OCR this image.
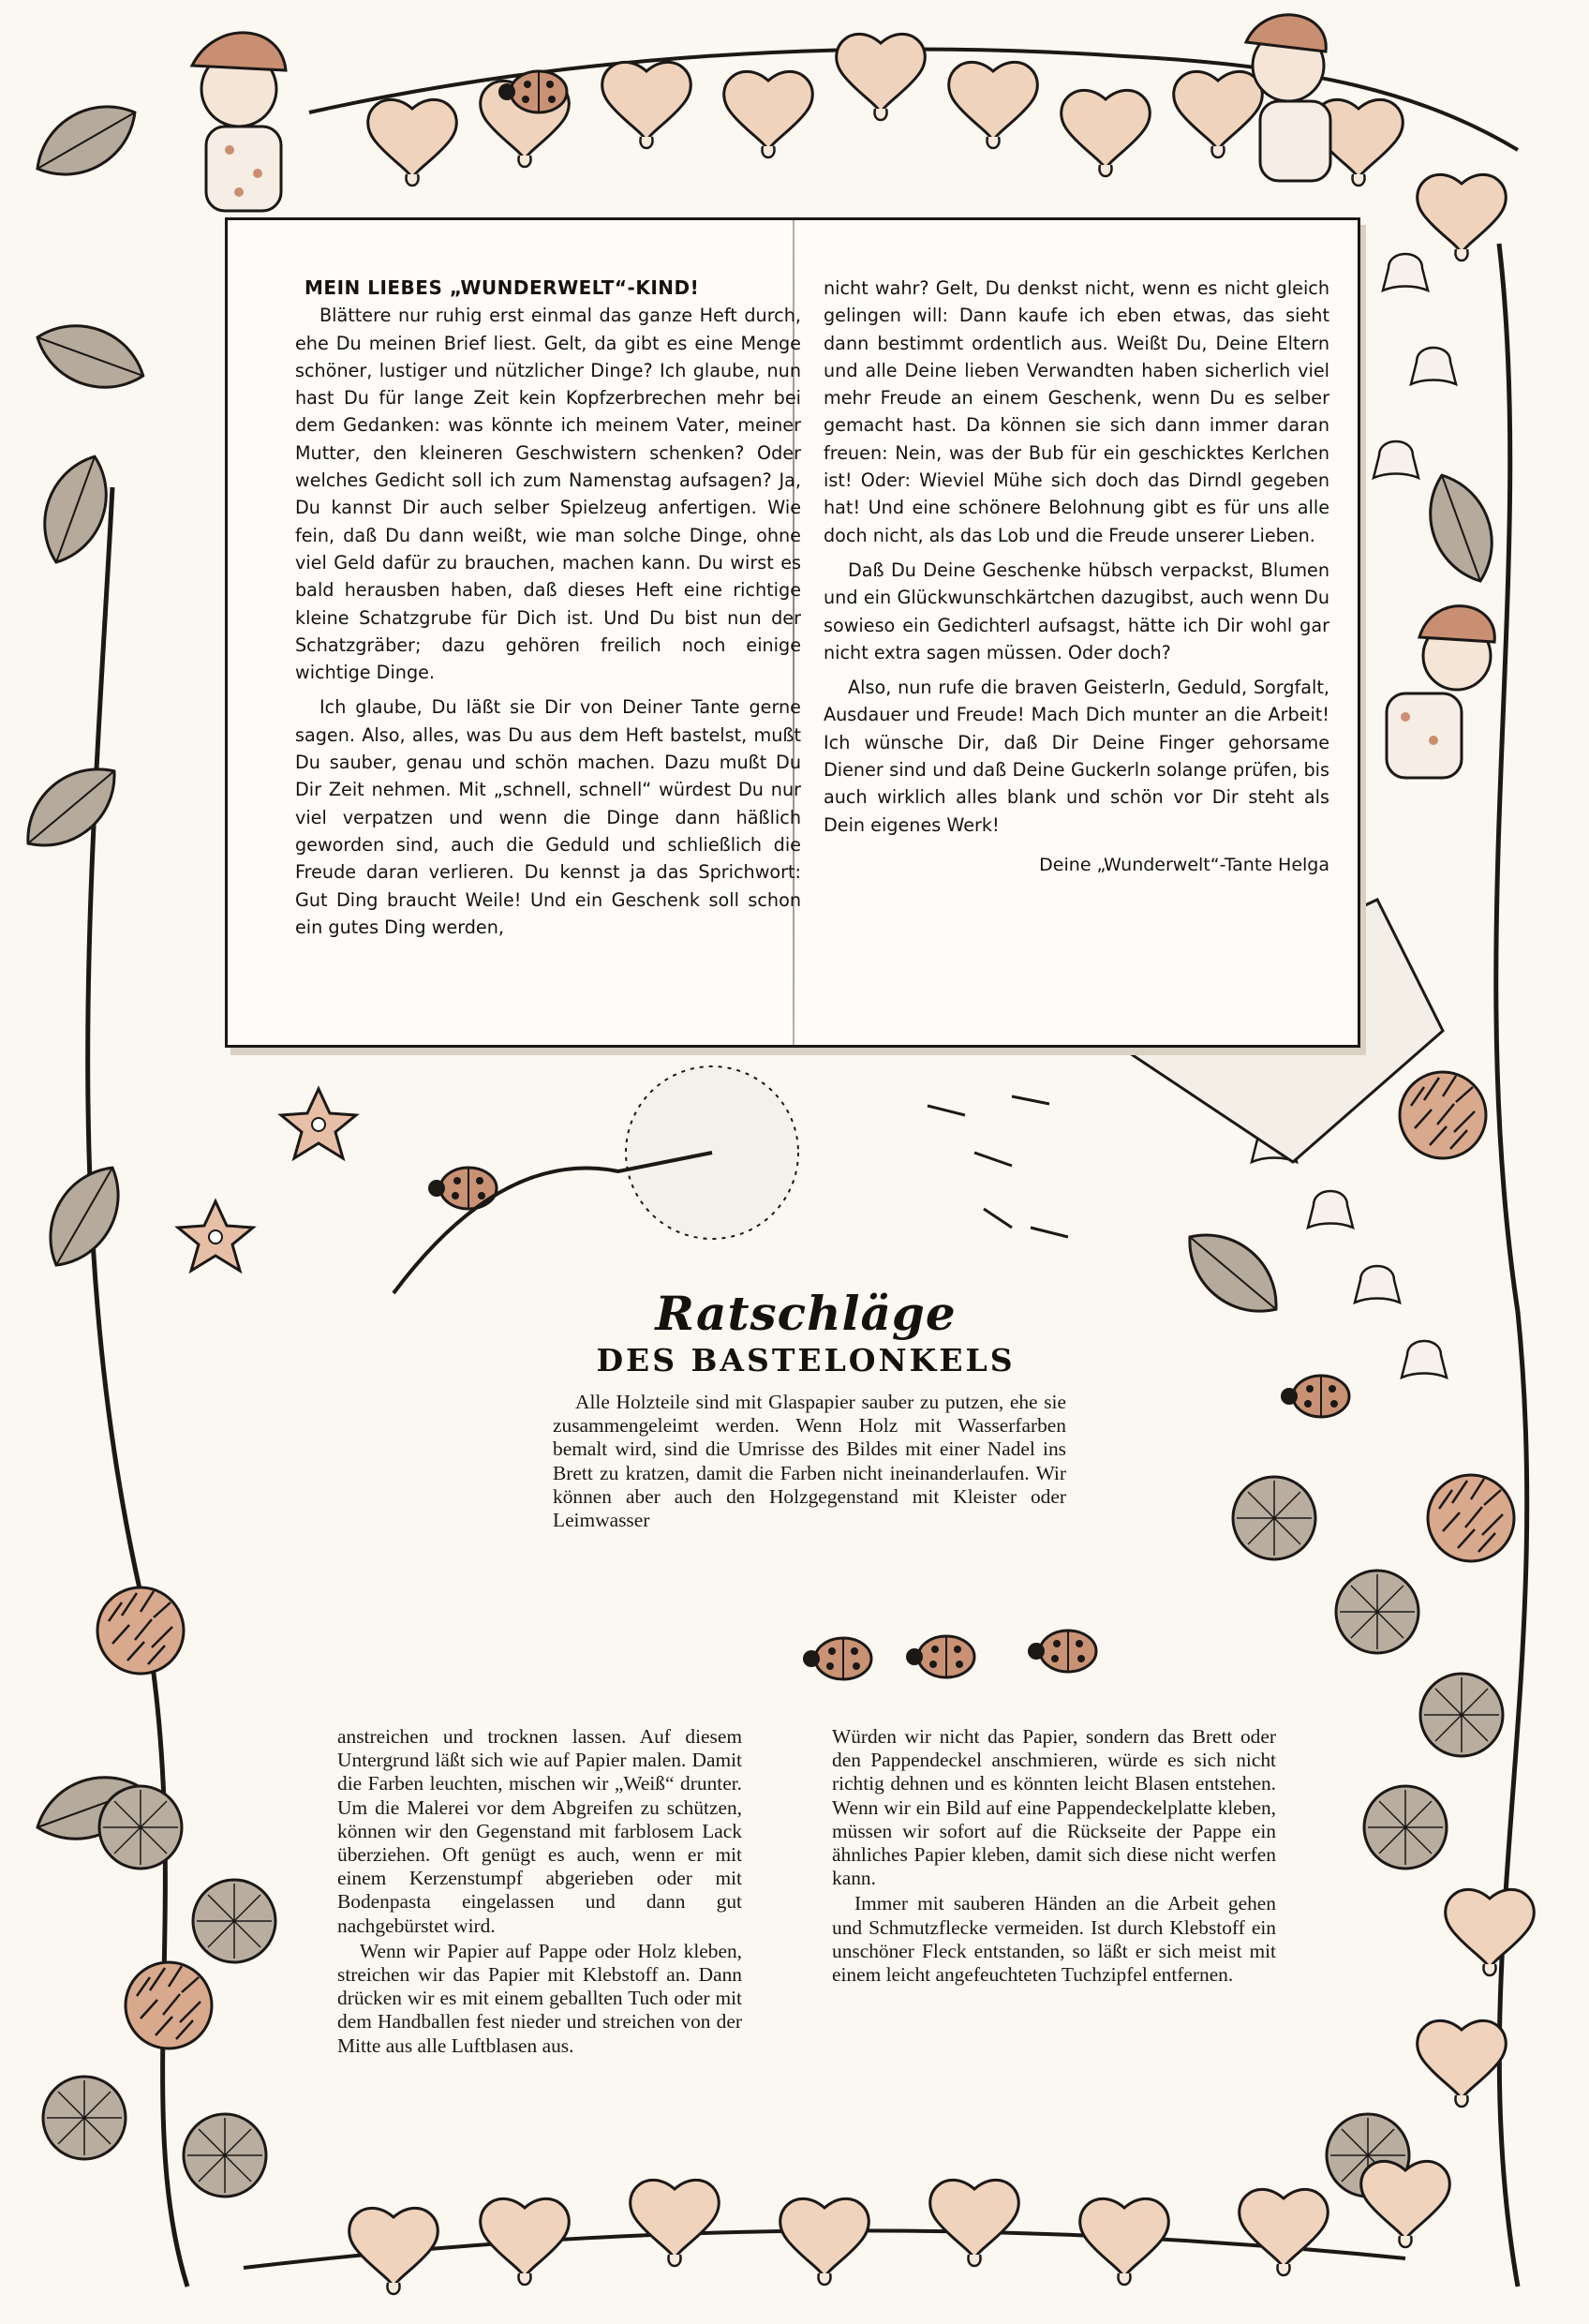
MEIN LIEBES „WUNDERWELT“-KIND!

Blättere nur ruhig erst einmal das ganze Heft durch, ehe Du meinen Brief liest. Gelt, da gibt es eine Menge schöner, lustiger und nützlicher Dinge? Ich glaube, nun hast Du für lange Zeit kein Kopfzerbrechen mehr bei dem Gedanken: was könnte ich meinem Vater, meiner Mutter, den kleineren Geschwistern schenken? Oder welches Gedicht soll ich zum Namenstag aufsagen? Ja, Du kannst Dir auch selber Spielzeug anfertigen. Wie fein, daß Du dann weißt, wie man solche Dinge, ohne viel Geld dafür zu brauchen, machen kann. Du wirst es bald herausben haben, daß dieses Heft eine richtige kleine Schatzgrube für Dich ist. Und Du bist nun der Schatzgräber; dazu gehören freilich noch einige wichtige Dinge.

Ich glaube, Du läßt sie Dir von Deiner Tante gerne sagen. Also, alles, was Du aus dem Heft bastelst, mußt Du sauber, genau und schön machen. Dazu mußt Du Dir Zeit nehmen. Mit „schnell, schnell“ würdest Du nur viel verpatzen und wenn die Dinge dann häßlich geworden sind, auch die Geduld und schließlich die Freude daran verlieren. Du kennst ja das Sprichwort: Gut Ding braucht Weile! Und ein Geschenk soll schon ein gutes Ding werden,

nicht wahr? Gelt, Du denkst nicht, wenn es nicht gleich gelingen will: Dann kaufe ich eben etwas, das sieht dann bestimmt ordentlich aus. Weißt Du, Deine Eltern und alle Deine lieben Verwandten haben sicherlich viel mehr Freude an einem Geschenk, wenn Du es selber gemacht hast. Da können sie sich dann immer daran freuen: Nein, was der Bub für ein geschicktes Kerlchen ist! Oder: Wieviel Mühe sich doch das Dirndl gegeben hat! Und eine schönere Belohnung gibt es für uns alle doch nicht, als das Lob und die Freude unserer Lieben.

Daß Du Deine Geschenke hübsch verpackst, Blumen und ein Glückwunschkärtchen dazugibst, auch wenn Du sowieso ein Gedichterl aufsagst, hätte ich Dir wohl gar nicht extra sagen müssen. Oder doch?

Also, nun rufe die braven Geisterln, Geduld, Sorgfalt, Ausdauer und Freude! Mach Dich munter an die Arbeit! Ich wünsche Dir, daß Dir Deine Finger gehorsame Diener sind und daß Deine Guckerln solange prüfen, bis auch wirklich alles blank und schön vor Dir steht als Dein eigenes Werk!

Deine „Wunderwelt“-Tante Helga
Ratschläge
DES BASTELONKELS

Alle Holzteile sind mit Glaspapier sauber zu putzen, ehe sie zusammengeleimt werden. Wenn Holz mit Wasserfarben bemalt wird, sind die Umrisse des Bildes mit einer Nadel ins Brett zu kratzen, damit die Farben nicht ineinanderlaufen. Wir können aber auch den Holzgegenstand mit Kleister oder Leimwasser

anstreichen und trocknen lassen. Auf diesem Untergrund läßt sich wie auf Papier malen. Damit die Farben leuchten, mischen wir „Weiß“ drunter. Um die Malerei vor dem Abgreifen zu schützen, können wir den Gegenstand mit farblosem Lack überziehen. Oft genügt es auch, wenn er mit einem Kerzenstumpf abgerieben oder mit Bodenpasta eingelassen und dann gut nachgebürstet wird.

Wenn wir Papier auf Pappe oder Holz kleben, streichen wir das Papier mit Klebstoff an. Dann drücken wir es mit einem geballten Tuch oder mit dem Handballen fest nieder und streichen von der Mitte aus alle Luftblasen aus.

Würden wir nicht das Papier, sondern das Brett oder den Pappendeckel anschmieren, würde es sich nicht richtig dehnen und es könnten leicht Blasen entstehen. Wenn wir ein Bild auf eine Pappendeckelplatte kleben, müssen wir sofort auf die Rückseite der Pappe ein ähnliches Papier kleben, damit sich diese nicht werfen kann.

Immer mit sauberen Händen an die Arbeit gehen und Schmutzflecke vermeiden. Ist durch Klebstoff ein unschöner Fleck entstanden, so läßt er sich meist mit einem leicht angefeuchteten Tuchzipfel entfernen.
